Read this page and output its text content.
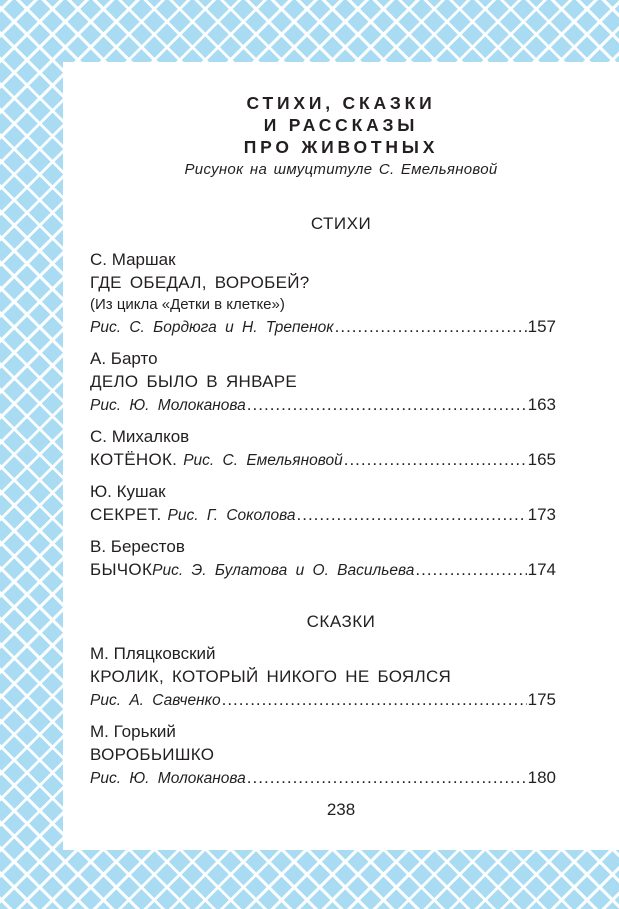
СТИХИ, СКАЗКИ
И РАССКАЗЫ
ПРО ЖИВОТНЫХ
Рисунок на шмуцтитуле С. Емельяновой
СТИХИ
С. Маршак
ГДЕ ОБЕДАЛ, ВОРОБЕЙ?
(Из цикла «Детки в клетке»)
Рис. С. Бордюга и Н. Трепенок .....	157
А. Барто
ДЕЛО БЫЛО В ЯНВАРЕ
Рис. Ю. Молоканова .....	163
С. Михалков
КОТЁНОК. Рис. С. Емельяновой .....	165
Ю. Кушак
СЕКРЕТ. Рис. Г. Соколова .....	173
В. Берестов
БЫЧОК Рис. Э. Булатова и О. Васильева .....	174
СКАЗКИ
М. Пляцковский
КРОЛИК, КОТОРЫЙ НИКОГО НЕ БОЯЛСЯ
Рис. А. Савченко .....	175
М. Горький
ВОРОБЬИШКО
Рис. Ю. Молоканова .....	180
238
